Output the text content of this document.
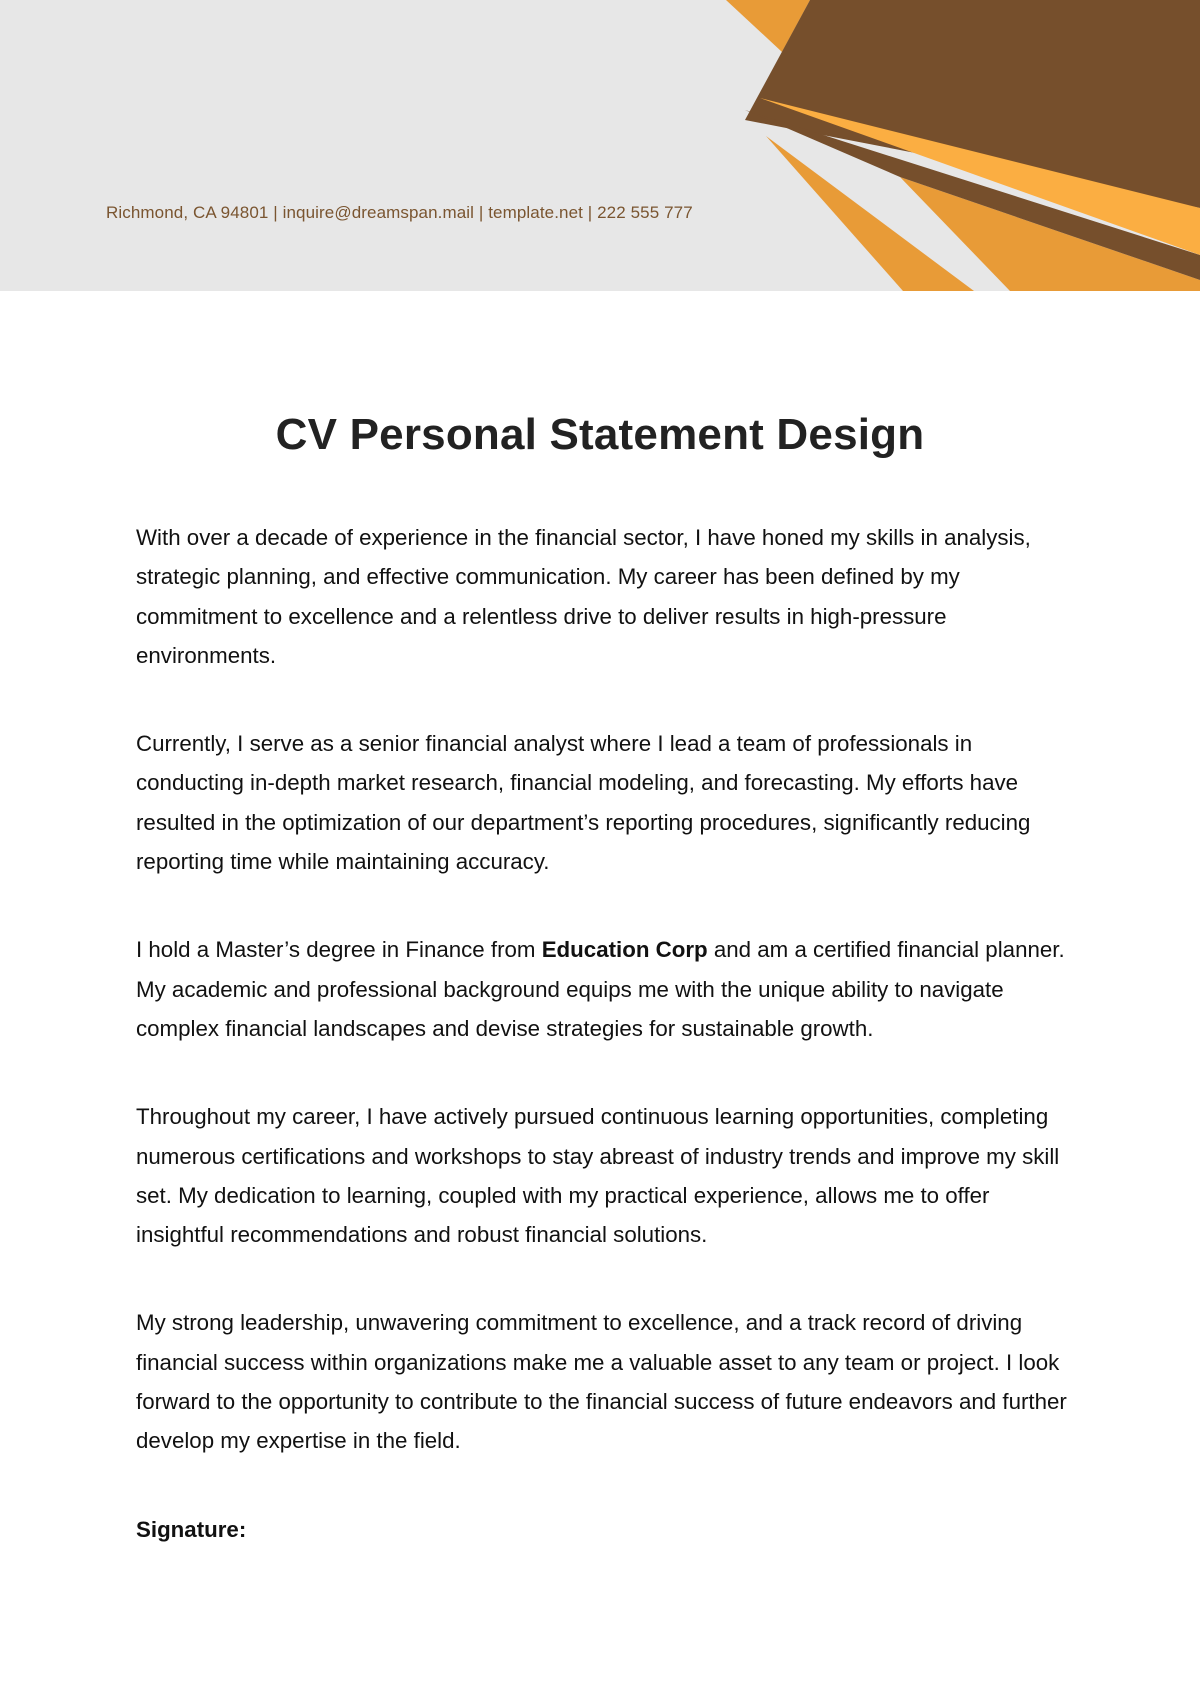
Richmond, CA 94801 | inquire@dreamspan.mail | template.net | 222 555 777
CV Personal Statement Design

With over a decade of experience in the financial sector, I have honed my skills in analysis, strategic planning, and effective communication. My career has been defined by my commitment to excellence and a relentless drive to deliver results in high-pressure environments.

Currently, I serve as a senior financial analyst where I lead a team of professionals in conducting in-depth market research, financial modeling, and forecasting. My efforts have resulted in the optimization of our department’s reporting procedures, significantly reducing reporting time while maintaining accuracy.

I hold a Master’s degree in Finance from Education Corp and am a certified financial planner. My academic and professional background equips me with the unique ability to navigate complex financial landscapes and devise strategies for sustainable growth.

Throughout my career, I have actively pursued continuous learning opportunities, completing numerous certifications and workshops to stay abreast of industry trends and improve my skill set. My dedication to learning, coupled with my practical experience, allows me to offer insightful recommendations and robust financial solutions.

My strong leadership, unwavering commitment to excellence, and a track record of driving financial success within organizations make me a valuable asset to any team or project. I look forward to the opportunity to contribute to the financial success of future endeavors and further develop my expertise in the field.

Signature:
